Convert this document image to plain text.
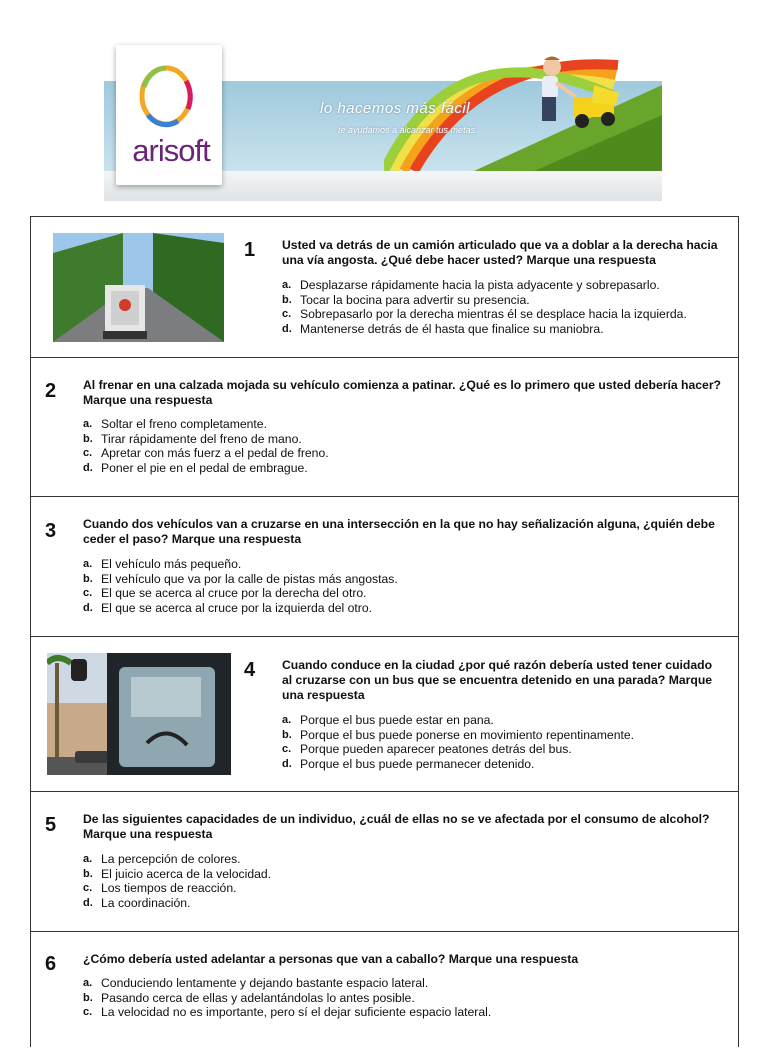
arisoft
lo hacemos más fácil
te ayudamos a alcanzar tus metas
1 Usted va detrás de un camión articulado que va a doblar a la derecha hacia una vía angosta. ¿Qué debe hacer usted? Marque una respuesta
a. Desplazarse rápidamente hacia la pista adyacente y sobrepasarlo.
b. Tocar la bocina para advertir su presencia.
c. Sobrepasarlo por la derecha mientras él se desplace hacia la izquierda.
d. Mantenerse detrás de él hasta que finalice su maniobra.
2 Al frenar en una calzada mojada su vehículo comienza a patinar. ¿Qué es lo primero que usted debería hacer? Marque una respuesta
a. Soltar el freno completamente.
b. Tirar rápidamente del freno de mano.
c. Apretar con más fuerz a el pedal de freno.
d. Poner el pie en el pedal de embrague.
3 Cuando dos vehículos van a cruzarse en una intersección en la que no hay señalización alguna, ¿quién debe ceder el paso? Marque una respuesta
a. El vehículo más pequeño.
b. El vehículo que va por la calle de pistas más angostas.
c. El que se acerca al cruce por la derecha del otro.
d. El que se acerca al cruce por la izquierda del otro.
4 Cuando conduce en la ciudad ¿por qué razón debería usted tener cuidado al cruzarse con un bus que se encuentra detenido en una parada? Marque una respuesta
a. Porque el bus puede estar en pana.
b. Porque el bus puede ponerse en movimiento repentinamente.
c. Porque pueden aparecer peatones detrás del bus.
d. Porque el bus puede permanecer detenido.
5 De las siguientes capacidades de un individuo, ¿cuál de ellas no se ve afectada por el consumo de alcohol? Marque una respuesta
a. La percepción de colores.
b. El juicio acerca de la velocidad.
c. Los tiempos de reacción.
d. La coordinación.
6 ¿Cómo debería usted adelantar a personas que van a caballo? Marque una respuesta
a. Conduciendo lentamente y dejando bastante espacio lateral.
b. Pasando cerca de ellas y adelantándolas lo antes posible.
c. La velocidad no es importante, pero sí el dejar suficiente espacio lateral.
